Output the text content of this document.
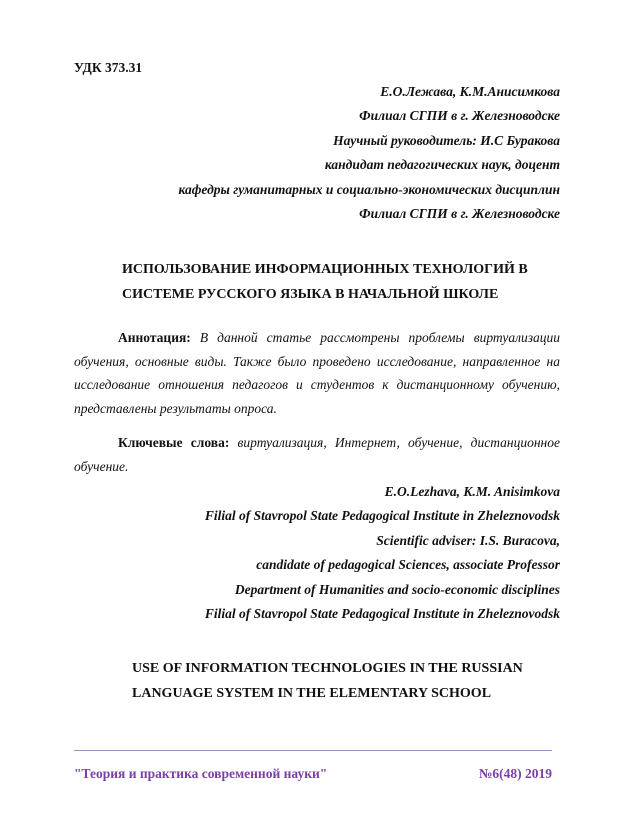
УДК 373.31
Е.О.Лежава, К.М.Анисимкова
Филиал СГПИ в г. Железноводске
Научный руководитель: И.С Буракова
кандидат педагогических наук, доцент
кафедры гуманитарных и социально-экономических дисциплин
Филиал СГПИ в г. Железноводске
ИСПОЛЬЗОВАНИЕ ИНФОРМАЦИОННЫХ ТЕХНОЛОГИЙ В
СИСТЕМЕ РУССКОГО ЯЗЫКА В НАЧАЛЬНОЙ ШКОЛЕ
Аннотация: В данной статье рассмотрены проблемы виртуализации обучения, основные виды. Также было проведено исследование, направленное на исследование отношения педагогов и студентов к дистанционному обучению, представлены результаты опроса.
Ключевые слова: виртуализация, Интернет, обучение, дистанционное обучение.
E.O.Lezhava, K.M. Anisimkova
Filial of Stavropol State Pedagogical Institute in Zheleznovodsk
Scientific adviser: I.S. Buracova,
candidate of pedagogical Sciences, associate Professor
Department of Humanities and socio-economic disciplines
Filial of Stavropol State Pedagogical Institute in Zheleznovodsk
USE OF INFORMATION TECHNOLOGIES IN THE RUSSIAN
LANGUAGE SYSTEM IN THE ELEMENTARY SCHOOL
"Теория и практика современной науки"	№6(48) 2019
